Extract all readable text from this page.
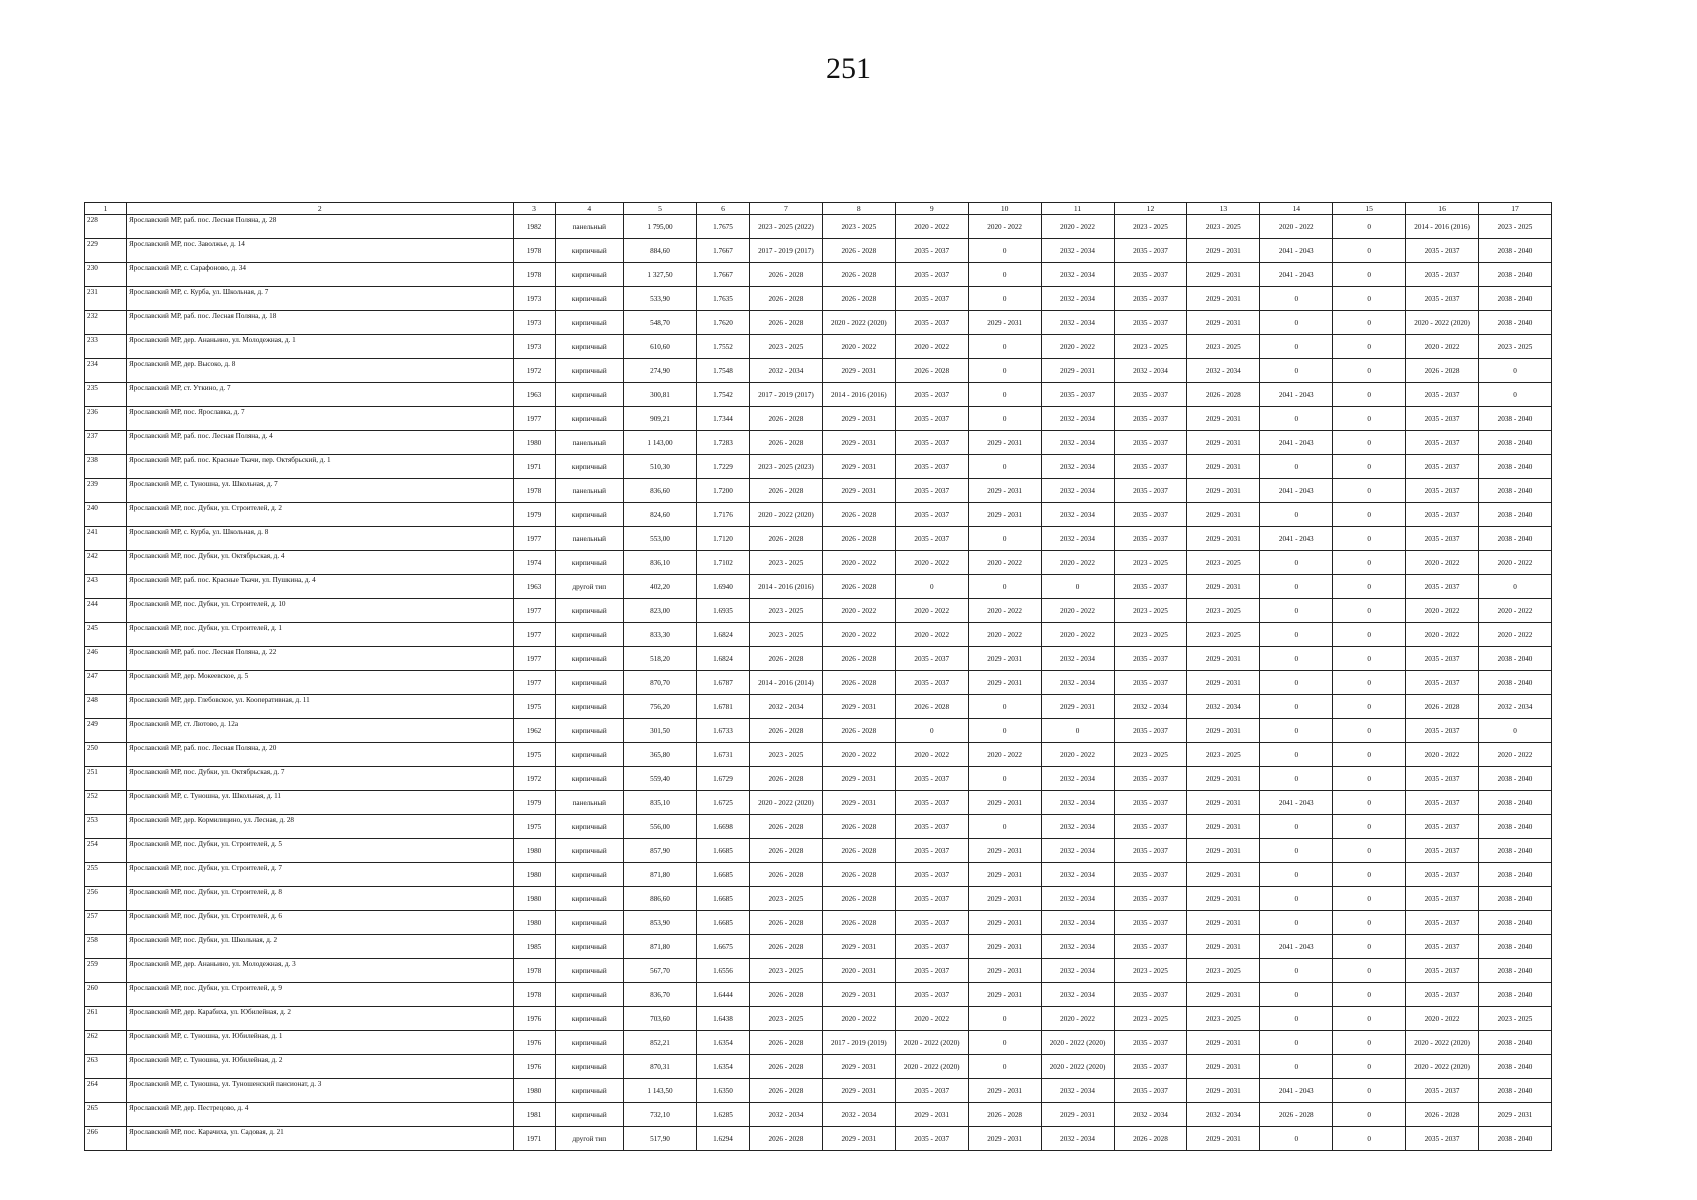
251
1	2	3	4	5	6	7	8	9	10	11	12	13	14	15	16	17
228	Ярославский МР, раб. пос. Лесная Поляна, д. 28	1982	панельный	1 795,00	1.7675	2023 - 2025 (2022)	2023 - 2025	2020 - 2022	2020 - 2022	2020 - 2022	2023 - 2025	2023 - 2025	2020 - 2022	0	2014 - 2016 (2016)	2023 - 2025
229	Ярославский МР, пос. Заволжье, д. 14	1978	кирпичный	884,60	1.7667	2017 - 2019 (2017)	2026 - 2028	2035 - 2037	0	2032 - 2034	2035 - 2037	2029 - 2031	2041 - 2043	0	2035 - 2037	2038 - 2040
230	Ярославский МР, с. Сарафоново, д. 34	1978	кирпичный	1 327,50	1.7667	2026 - 2028	2026 - 2028	2035 - 2037	0	2032 - 2034	2035 - 2037	2029 - 2031	2041 - 2043	0	2035 - 2037	2038 - 2040
231	Ярославский МР, с. Курба, ул. Школьная, д. 7	1973	кирпичный	533,90	1.7635	2026 - 2028	2026 - 2028	2035 - 2037	0	2032 - 2034	2035 - 2037	2029 - 2031	0	0	2035 - 2037	2038 - 2040
232	Ярославский МР, раб. пос. Лесная Поляна, д. 18	1973	кирпичный	548,70	1.7620	2026 - 2028	2020 - 2022 (2020)	2035 - 2037	2029 - 2031	2032 - 2034	2035 - 2037	2029 - 2031	0	0	2020 - 2022 (2020)	2038 - 2040
233	Ярославский МР, дер. Ананьино, ул. Молодежная, д. 1	1973	кирпичный	610,60	1.7552	2023 - 2025	2020 - 2022	2020 - 2022	0	2020 - 2022	2023 - 2025	2023 - 2025	0	0	2020 - 2022	2023 - 2025
234	Ярославский МР, дер. Высоко, д. 8	1972	кирпичный	274,90	1.7548	2032 - 2034	2029 - 2031	2026 - 2028	0	2029 - 2031	2032 - 2034	2032 - 2034	0	0	2026 - 2028	0
235	Ярославский МР, ст. Уткино, д. 7	1963	кирпичный	300,81	1.7542	2017 - 2019 (2017)	2014 - 2016 (2016)	2035 - 2037	0	2035 - 2037	2035 - 2037	2026 - 2028	2041 - 2043	0	2035 - 2037	0
236	Ярославский МР, пос. Ярославка, д. 7	1977	кирпичный	909,21	1.7344	2026 - 2028	2029 - 2031	2035 - 2037	0	2032 - 2034	2035 - 2037	2029 - 2031	0	0	2035 - 2037	2038 - 2040
237	Ярославский МР, раб. пос. Лесная Поляна, д. 4	1980	панельный	1 143,00	1.7283	2026 - 2028	2029 - 2031	2035 - 2037	2029 - 2031	2032 - 2034	2035 - 2037	2029 - 2031	2041 - 2043	0	2035 - 2037	2038 - 2040
238	Ярославский МР, раб. пос. Красные Ткачи, пер. Октябрьский, д. 1	1971	кирпичный	510,30	1.7229	2023 - 2025 (2023)	2029 - 2031	2035 - 2037	0	2032 - 2034	2035 - 2037	2029 - 2031	0	0	2035 - 2037	2038 - 2040
239	Ярославский МР, с. Туношна, ул. Школьная, д. 7	1978	панельный	836,60	1.7200	2026 - 2028	2029 - 2031	2035 - 2037	2029 - 2031	2032 - 2034	2035 - 2037	2029 - 2031	2041 - 2043	0	2035 - 2037	2038 - 2040
240	Ярославский МР, пос. Дубки, ул. Строителей, д. 2	1979	кирпичный	824,60	1.7176	2020 - 2022 (2020)	2026 - 2028	2035 - 2037	2029 - 2031	2032 - 2034	2035 - 2037	2029 - 2031	0	0	2035 - 2037	2038 - 2040
241	Ярославский МР, с. Курба, ул. Школьная, д. 8	1977	панельный	553,00	1.7120	2026 - 2028	2026 - 2028	2035 - 2037	0	2032 - 2034	2035 - 2037	2029 - 2031	2041 - 2043	0	2035 - 2037	2038 - 2040
242	Ярославский МР, пос. Дубки, ул. Октябрьская, д. 4	1974	кирпичный	836,10	1.7102	2023 - 2025	2020 - 2022	2020 - 2022	2020 - 2022	2020 - 2022	2023 - 2025	2023 - 2025	0	0	2020 - 2022	2020 - 2022
243	Ярославский МР, раб. пос. Красные Ткачи, ул. Пушкина, д. 4	1963	другой тип	402,20	1.6940	2014 - 2016 (2016)	2026 - 2028	0	0	0	2035 - 2037	2029 - 2031	0	0	2035 - 2037	0
244	Ярославский МР, пос. Дубки, ул. Строителей, д. 10	1977	кирпичный	823,00	1.6935	2023 - 2025	2020 - 2022	2020 - 2022	2020 - 2022	2020 - 2022	2023 - 2025	2023 - 2025	0	0	2020 - 2022	2020 - 2022
245	Ярославский МР, пос. Дубки, ул. Строителей, д. 1	1977	кирпичный	833,30	1.6824	2023 - 2025	2020 - 2022	2020 - 2022	2020 - 2022	2020 - 2022	2023 - 2025	2023 - 2025	0	0	2020 - 2022	2020 - 2022
246	Ярославский МР, раб. пос. Лесная Поляна, д. 22	1977	кирпичный	518,20	1.6824	2026 - 2028	2026 - 2028	2035 - 2037	2029 - 2031	2032 - 2034	2035 - 2037	2029 - 2031	0	0	2035 - 2037	2038 - 2040
247	Ярославский МР, дер. Мокеевское, д. 5	1977	кирпичный	870,70	1.6787	2014 - 2016 (2014)	2026 - 2028	2035 - 2037	2029 - 2031	2032 - 2034	2035 - 2037	2029 - 2031	0	0	2035 - 2037	2038 - 2040
248	Ярославский МР, дер. Глебовское, ул. Кооперативная, д. 11	1975	кирпичный	756,20	1.6781	2032 - 2034	2029 - 2031	2026 - 2028	0	2029 - 2031	2032 - 2034	2032 - 2034	0	0	2026 - 2028	2032 - 2034
249	Ярославский МР, ст. Лютово, д. 12а	1962	кирпичный	301,50	1.6733	2026 - 2028	2026 - 2028	0	0	0	2035 - 2037	2029 - 2031	0	0	2035 - 2037	0
250	Ярославский МР, раб. пос. Лесная Поляна, д. 20	1975	кирпичный	365,80	1.6731	2023 - 2025	2020 - 2022	2020 - 2022	2020 - 2022	2020 - 2022	2023 - 2025	2023 - 2025	0	0	2020 - 2022	2020 - 2022
251	Ярославский МР, пос. Дубки, ул. Октябрьская, д. 7	1972	кирпичный	559,40	1.6729	2026 - 2028	2029 - 2031	2035 - 2037	0	2032 - 2034	2035 - 2037	2029 - 2031	0	0	2035 - 2037	2038 - 2040
252	Ярославский МР, с. Туношна, ул. Школьная, д. 11	1979	панельный	835,10	1.6725	2020 - 2022 (2020)	2029 - 2031	2035 - 2037	2029 - 2031	2032 - 2034	2035 - 2037	2029 - 2031	2041 - 2043	0	2035 - 2037	2038 - 2040
253	Ярославский МР, дер. Кормилицино, ул. Лесная, д. 28	1975	кирпичный	556,00	1.6698	2026 - 2028	2026 - 2028	2035 - 2037	0	2032 - 2034	2035 - 2037	2029 - 2031	0	0	2035 - 2037	2038 - 2040
254	Ярославский МР, пос. Дубки, ул. Строителей, д. 5	1980	кирпичный	857,90	1.6685	2026 - 2028	2026 - 2028	2035 - 2037	2029 - 2031	2032 - 2034	2035 - 2037	2029 - 2031	0	0	2035 - 2037	2038 - 2040
255	Ярославский МР, пос. Дубки, ул. Строителей, д. 7	1980	кирпичный	871,80	1.6685	2026 - 2028	2026 - 2028	2035 - 2037	2029 - 2031	2032 - 2034	2035 - 2037	2029 - 2031	0	0	2035 - 2037	2038 - 2040
256	Ярославский МР, пос. Дубки, ул. Строителей, д. 8	1980	кирпичный	886,60	1.6685	2023 - 2025	2026 - 2028	2035 - 2037	2029 - 2031	2032 - 2034	2035 - 2037	2029 - 2031	0	0	2035 - 2037	2038 - 2040
257	Ярославский МР, пос. Дубки, ул. Строителей, д. 6	1980	кирпичный	853,90	1.6685	2026 - 2028	2026 - 2028	2035 - 2037	2029 - 2031	2032 - 2034	2035 - 2037	2029 - 2031	0	0	2035 - 2037	2038 - 2040
258	Ярославский МР, пос. Дубки, ул. Школьная, д. 2	1985	кирпичный	871,80	1.6675	2026 - 2028	2029 - 2031	2035 - 2037	2029 - 2031	2032 - 2034	2035 - 2037	2029 - 2031	2041 - 2043	0	2035 - 2037	2038 - 2040
259	Ярославский МР, дер. Ананьино, ул. Молодежная, д. 3	1978	кирпичный	567,70	1.6556	2023 - 2025	2020 - 2031	2035 - 2037	2029 - 2031	2032 - 2034	2023 - 2025	2023 - 2025	0	0	2035 - 2037	2038 - 2040
260	Ярославский МР, пос. Дубки, ул. Строителей, д. 9	1978	кирпичный	836,70	1.6444	2026 - 2028	2029 - 2031	2035 - 2037	2029 - 2031	2032 - 2034	2035 - 2037	2029 - 2031	0	0	2035 - 2037	2038 - 2040
261	Ярославский МР, дер. Карабиха, ул. Юбилейная, д. 2	1976	кирпичный	703,60	1.6438	2023 - 2025	2020 - 2022	2020 - 2022	0	2020 - 2022	2023 - 2025	2023 - 2025	0	0	2020 - 2022	2023 - 2025
262	Ярославский МР, с. Туношна, ул. Юбилейная, д. 1	1976	кирпичный	852,21	1.6354	2026 - 2028	2017 - 2019 (2019)	2020 - 2022 (2020)	0	2020 - 2022 (2020)	2035 - 2037	2029 - 2031	0	0	2020 - 2022 (2020)	2038 - 2040
263	Ярославский МР, с. Туношна, ул. Юбилейная, д. 2	1976	кирпичный	870,31	1.6354	2026 - 2028	2029 - 2031	2020 - 2022 (2020)	0	2020 - 2022 (2020)	2035 - 2037	2029 - 2031	0	0	2020 - 2022 (2020)	2038 - 2040
264	Ярославский МР, с. Туношна, ул. Туношенский пансионат, д. 3	1980	кирпичный	1 143,50	1.6350	2026 - 2028	2029 - 2031	2035 - 2037	2029 - 2031	2032 - 2034	2035 - 2037	2029 - 2031	2041 - 2043	0	2035 - 2037	2038 - 2040
265	Ярославский МР, дер. Пестрецово, д. 4	1981	кирпичный	732,10	1.6285	2032 - 2034	2032 - 2034	2029 - 2031	2026 - 2028	2029 - 2031	2032 - 2034	2032 - 2034	2026 - 2028	0	2026 - 2028	2029 - 2031
266	Ярославский МР, пос. Карачиха, ул. Садовая, д. 21	1971	другой тип	517,90	1.6294	2026 - 2028	2029 - 2031	2035 - 2037	2029 - 2031	2032 - 2034	2026 - 2028	2029 - 2031	0	0	2035 - 2037	2038 - 2040
